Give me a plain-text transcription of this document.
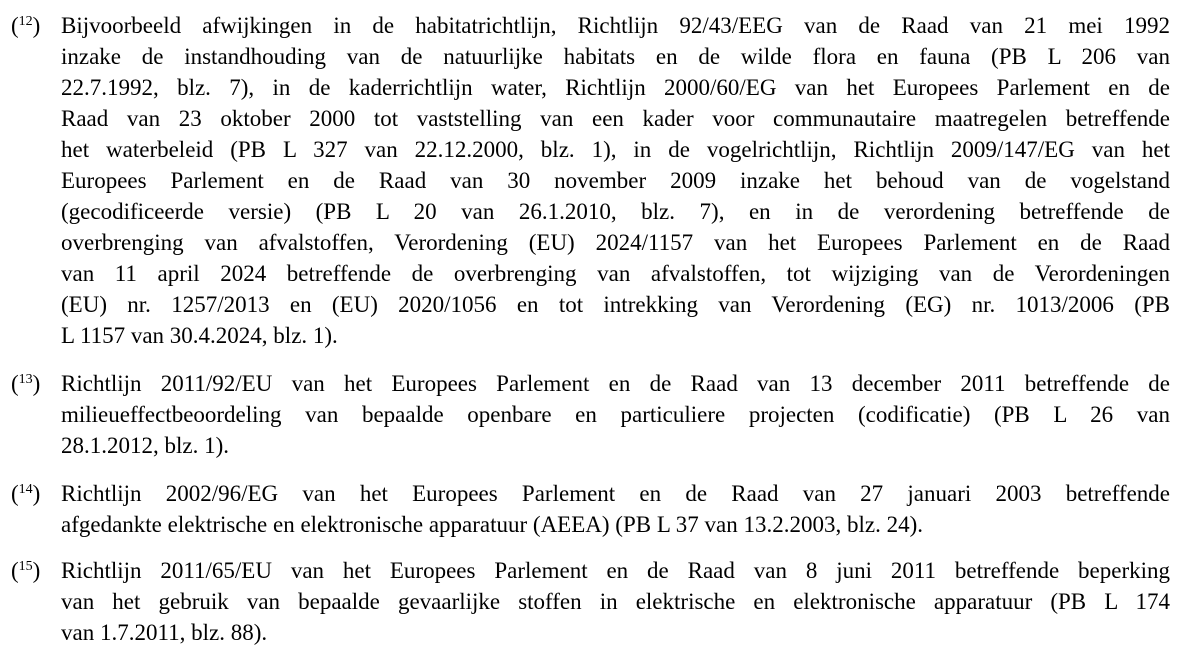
($^{12}$) Bijvoorbeeld afwijkingen in de habitatrichtlijn, Richtlijn 92/43/EEG van de Raad van 21 mei 1992
inzake de instandhouding van de natuurlijke habitats en de wilde flora en fauna (PB L 206 van
22.7.1992, blz. 7), in de kaderrichtlijn water, Richtlijn 2000/60/EG van het Europees Parlement en de
Raad van 23 oktober 2000 tot vaststelling van een kader voor communautaire maatregelen betreffende
het waterbeleid (PB L 327 van 22.12.2000, blz. 1), in de vogelrichtlijn, Richtlijn 2009/147/EG van het
Europees Parlement en de Raad van 30 november 2009 inzake het behoud van de vogelstand
(gecodificeerde versie) (PB L 20 van 26.1.2010, blz. 7), en in de verordening betreffende de
overbrenging van afvalstoffen, Verordening (EU) 2024/1157 van het Europees Parlement en de Raad
van 11 april 2024 betreffende de overbrenging van afvalstoffen, tot wijziging van de Verordeningen
(EU) nr. 1257/2013 en (EU) 2020/1056 en tot intrekking van Verordening (EG) nr. 1013/2006 (PB
L 1157 van 30.4.2024, blz. 1).
($^{13}$) Richtlijn 2011/92/EU van het Europees Parlement en de Raad van 13 december 2011 betreffende de
milieueffectbeoordeling van bepaalde openbare en particuliere projecten (codificatie) (PB L 26 van
28.1.2012, blz. 1).
($^{14}$) Richtlijn 2002/96/EG van het Europees Parlement en de Raad van 27 januari 2003 betreffende
afgedankte elektrische en elektronische apparatuur (AEEA) (PB L 37 van 13.2.2003, blz. 24).
($^{15}$) Richtlijn 2011/65/EU van het Europees Parlement en de Raad van 8 juni 2011 betreffende beperking
van het gebruik van bepaalde gevaarlijke stoffen in elektrische en elektronische apparatuur (PB L 174
van 1.7.2011, blz. 88).
